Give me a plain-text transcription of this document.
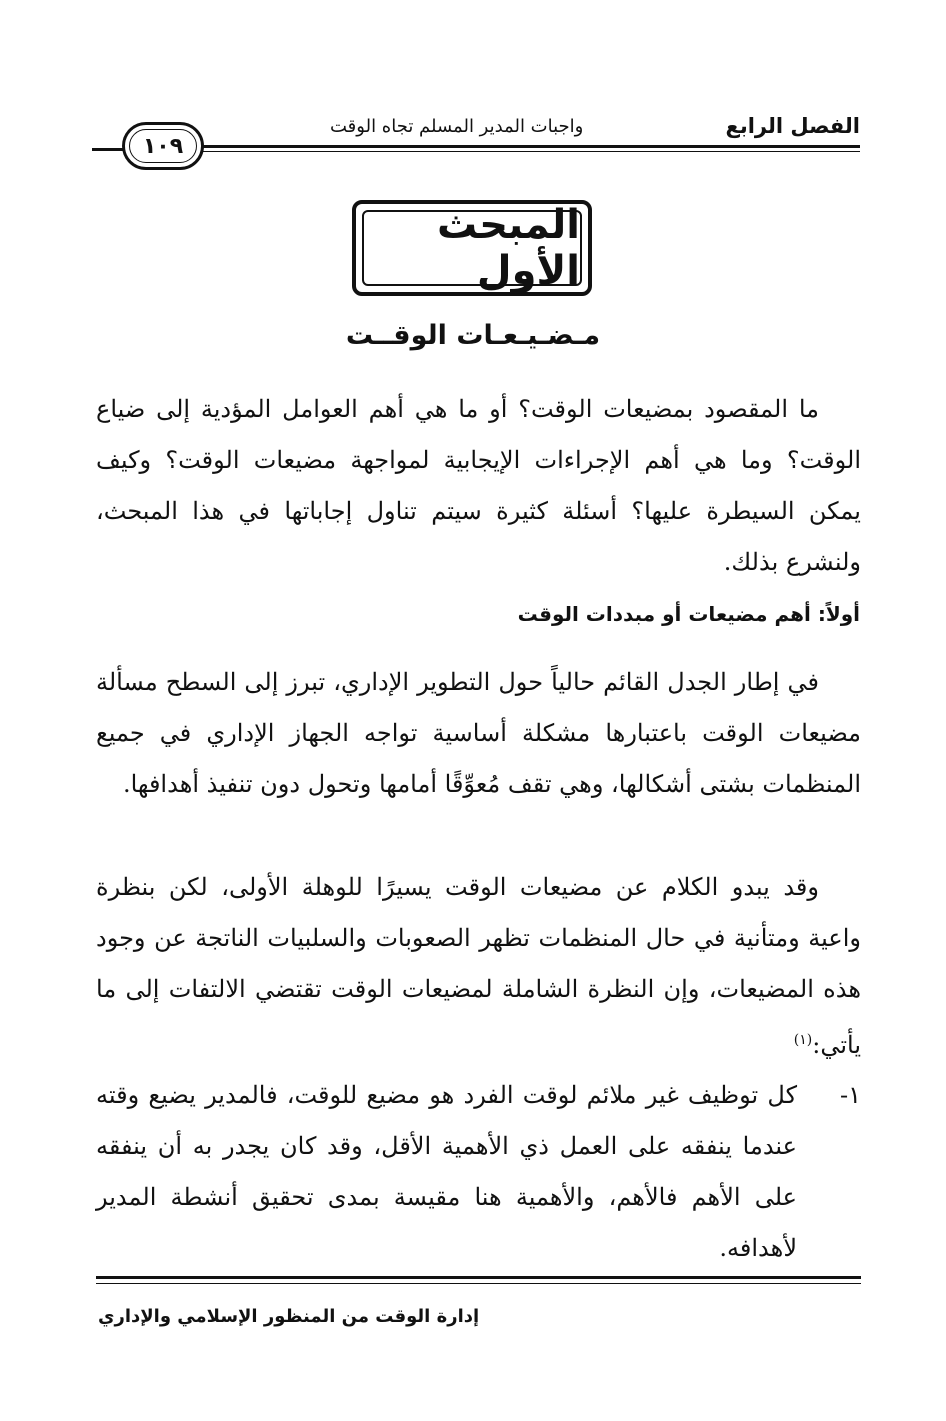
الفصل الرابع
واجبات المدير المسلم تجاه الوقت
١٠٩
المبحث الأول
مـضـيـعـات الوقــت

ما المقصود بمضيعات الوقت؟ أو ما هي أهم العوامل المؤدية إلى ضياع الوقت؟ وما هي أهم الإجراءات الإيجابية لمواجهة مضيعات الوقت؟ وكيف يمكن السيطرة عليها؟ أسئلة كثيرة سيتم تناول إجاباتها في هذا المبحث، ولنشرع بذلك.

أولاً: أهم مضيعات أو مبددات الوقت

في إطار الجدل القائم حالياً حول التطوير الإداري، تبرز إلى السطح مسألة مضيعات الوقت باعتبارها مشكلة أساسية تواجه الجهاز الإداري في جميع المنظمات بشتى أشكالها، وهي تقف مُعوِّقًا أمامها وتحول دون تنفيذ أهدافها.

وقد يبدو الكلام عن مضيعات الوقت يسيرًا للوهلة الأولى، لكن بنظرة واعية ومتأنية في حال المنظمات تظهر الصعوبات والسلبيات الناتجة عن وجود هذه المضيعات، وإن النظرة الشاملة لمضيعات الوقت تقتضي الالتفات إلى ما يأتي:$^{(١)}$

١-
كل توظيف غير ملائم لوقت الفرد هو مضيع للوقت، فالمدير يضيع وقته عندما ينفقه على العمل ذي الأهمية الأقل، وقد كان يجدر به أن ينفقه على الأهم فالأهم، والأهمية هنا مقيسة بمدى تحقيق أنشطة المدير لأهدافه.
إدارة الوقت من المنظور الإسلامي والإداري
